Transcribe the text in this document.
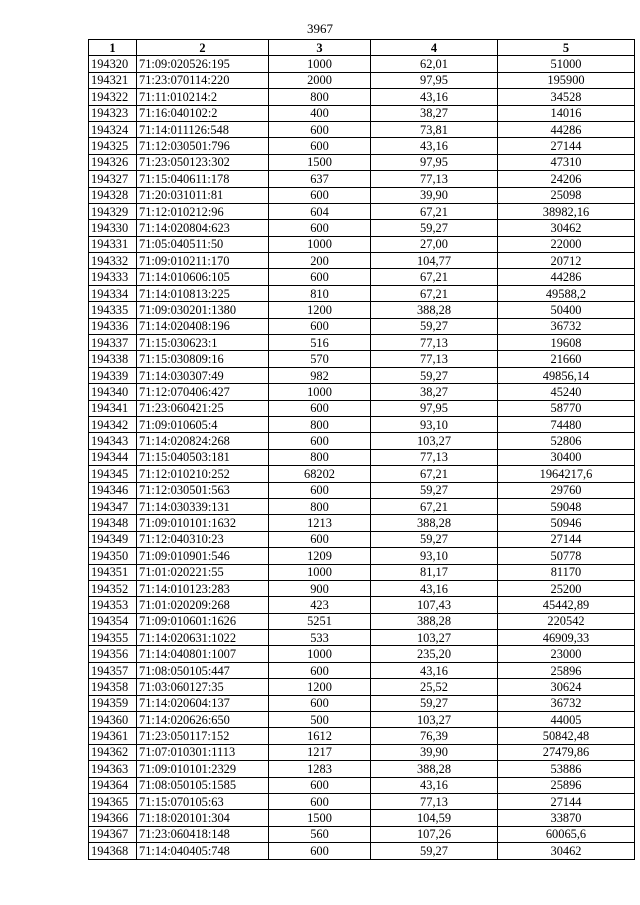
3967
1	2	3	4	5
194320	71:09:020526:195	1000	62,01	51000
194321	71:23:070114:220	2000	97,95	195900
194322	71:11:010214:2	800	43,16	34528
194323	71:16:040102:2	400	38,27	14016
194324	71:14:011126:548	600	73,81	44286
194325	71:12:030501:796	600	43,16	27144
194326	71:23:050123:302	1500	97,95	47310
194327	71:15:040611:178	637	77,13	24206
194328	71:20:031011:81	600	39,90	25098
194329	71:12:010212:96	604	67,21	38982,16
194330	71:14:020804:623	600	59,27	30462
194331	71:05:040511:50	1000	27,00	22000
194332	71:09:010211:170	200	104,77	20712
194333	71:14:010606:105	600	67,21	44286
194334	71:14:010813:225	810	67,21	49588,2
194335	71:09:030201:1380	1200	388,28	50400
194336	71:14:020408:196	600	59,27	36732
194337	71:15:030623:1	516	77,13	19608
194338	71:15:030809:16	570	77,13	21660
194339	71:14:030307:49	982	59,27	49856,14
194340	71:12:070406:427	1000	38,27	45240
194341	71:23:060421:25	600	97,95	58770
194342	71:09:010605:4	800	93,10	74480
194343	71:14:020824:268	600	103,27	52806
194344	71:15:040503:181	800	77,13	30400
194345	71:12:010210:252	68202	67,21	1964217,6
194346	71:12:030501:563	600	59,27	29760
194347	71:14:030339:131	800	67,21	59048
194348	71:09:010101:1632	1213	388,28	50946
194349	71:12:040310:23	600	59,27	27144
194350	71:09:010901:546	1209	93,10	50778
194351	71:01:020221:55	1000	81,17	81170
194352	71:14:010123:283	900	43,16	25200
194353	71:01:020209:268	423	107,43	45442,89
194354	71:09:010601:1626	5251	388,28	220542
194355	71:14:020631:1022	533	103,27	46909,33
194356	71:14:040801:1007	1000	235,20	23000
194357	71:08:050105:447	600	43,16	25896
194358	71:03:060127:35	1200	25,52	30624
194359	71:14:020604:137	600	59,27	36732
194360	71:14:020626:650	500	103,27	44005
194361	71:23:050117:152	1612	76,39	50842,48
194362	71:07:010301:1113	1217	39,90	27479,86
194363	71:09:010101:2329	1283	388,28	53886
194364	71:08:050105:1585	600	43,16	25896
194365	71:15:070105:63	600	77,13	27144
194366	71:18:020101:304	1500	104,59	33870
194367	71:23:060418:148	560	107,26	60065,6
194368	71:14:040405:748	600	59,27	30462
